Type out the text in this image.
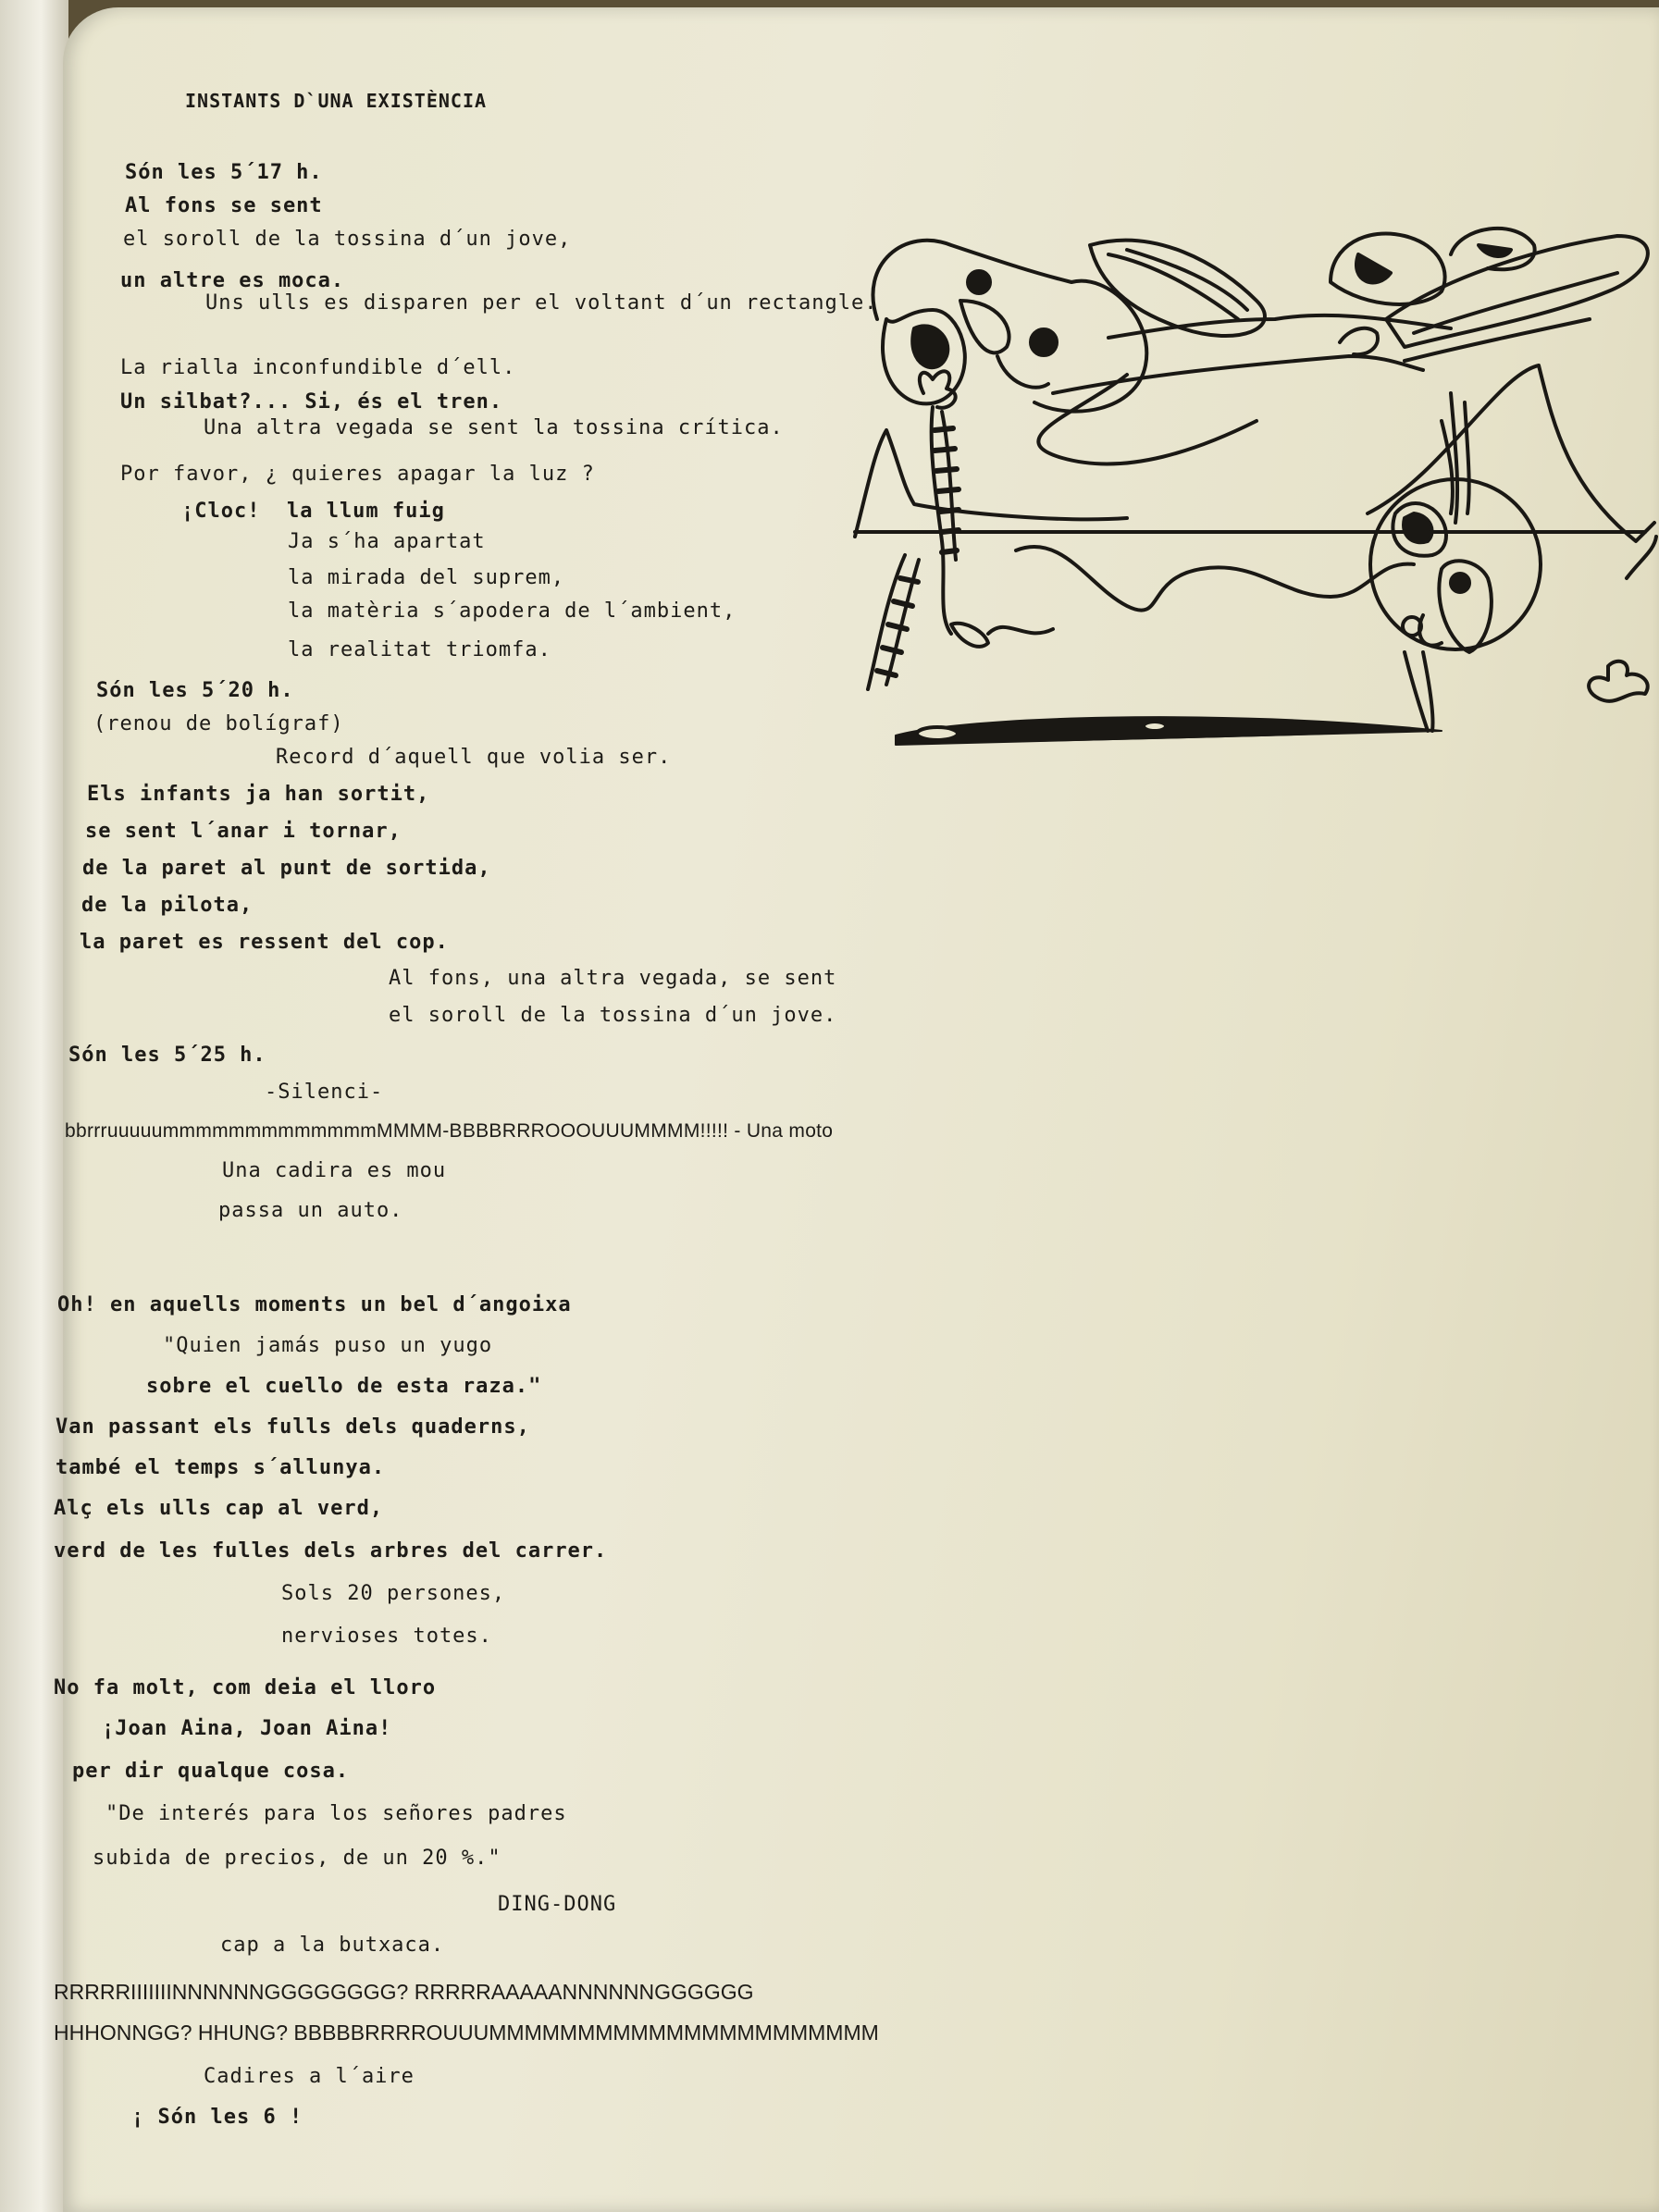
INSTANTS D`UNA EXISTÈNCIA
Són les 5´17 h.
Al fons se sent
el soroll de la tossina d´un jove,
un altre es moca.
Uns ulls es disparen per el voltant d´un rectangle.
La rialla inconfundible d´ell.
Un silbat?... Si, és el tren.
Una altra vegada se sent la tossina crítica.
Por favor, ¿ quieres apagar la luz ?
¡Cloc!  la llum fuig
Ja s´ha apartat
la mirada del suprem,
la matèria s´apodera de l´ambient,
la realitat triomfa.
Són les 5´20 h.
(renou de bolígraf)
Record d´aquell que volia ser.
Els infants ja han sortit,
se sent l´anar i tornar,
de la paret al punt de sortida,
de la pilota,
la paret es ressent del cop.
Al fons, una altra vegada, se sent
el soroll de la tossina d´un jove.
Són les 5´25 h.
-Silenci-
bbrrruuuuummmmmmmmmmmmmMMMM-BBBBRRROOOUUUMMMM!!!!! - Una moto
Una cadira es mou
passa un auto.
Oh! en aquells moments un bel d´angoixa
"Quien jamás puso un yugo
sobre el cuello de esta raza."
Van passant els fulls dels quaderns,
també el temps s´allunya.
Alç els ulls cap al verd,
verd de les fulles dels arbres del carrer.
Sols 20 persones,
nervioses totes.
No fa molt, com deia el lloro
¡Joan Aina, Joan Aina!
per dir qualque cosa.
"De interés para los señores padres
subida de precios, de un 20 %."
DING-DONG
cap a la butxaca.
RRRRRIIIIIIINNNNNNGGGGGGGG? RRRRRAAAAANNNNNNGGGGGG
HHHONNGG? HHUNG? BBBBBRRRROUUUMMMMMMMMMMMMMMMMMMMMMM
Cadires a l´aire
¡ Són les 6 !
